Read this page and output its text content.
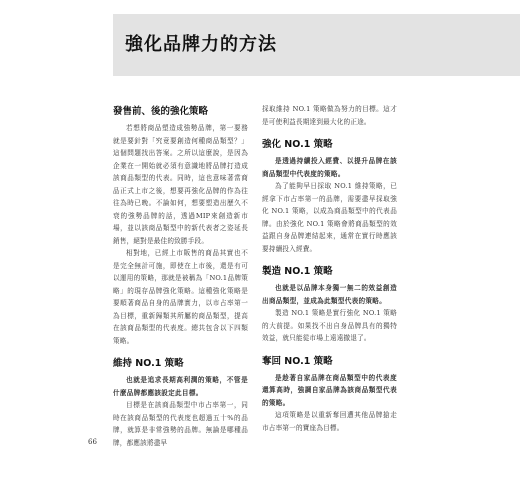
強化品牌力的方法
發售前、後的強化策略

若想將商品塑造成強勢品牌，第一要務就是要針對「究竟要創造何種商品類型？」這個問題找出答案。之所以這麼說，是因為企業在一開始就必須有意識地將品牌打造成該商品類型的代表。同時，這也意味著當商品正式上市之後，想要再強化品牌的作為往往為時已晚。不論如何，想要塑造出歷久不衰的強勢品牌的話，透過MIP來創造新市場，並以該商品類型中的新代表者之姿延長銷售，絕對是最佳的致勝手段。

相對地，已經上市販售的商品其實也不是完全無計可施，即使在上市後，還是有可以運用的策略，那就是被稱為「NO.1品牌策略」的現存品牌強化策略。這種強化策略是要順著商品自身的品牌實力，以市占率第一為目標，重新歸類其所屬的商品類型，提高在該商品類型的代表度。總共包含以下四類策略。

維持 NO.1 策略

也就是追求長期高利潤的策略，不管是什麼品牌都應該設定此目標。

目標是在該商品類型中市占率第一，同時在該商品類型的代表度也超過五十%的品牌，就算是非常強勢的品牌。無論是哪種品牌，都應該將盡早

採取維持 NO.1 策略做為努力的目標。這才是可使利益長期達到最大化的正途。

強化 NO.1 策略

是透過持續投入經費、以提升品牌在該商品類型中代表度的策略。

為了能夠早日採取 NO.1 維持策略，已經拿下市占率第一的品牌，需要盡早採取強化 NO.1 策略，以成為商品類型中的代表品牌。由於強化 NO.1 策略會將商品類型的效益跟自身品牌連結起來，通常在實行時應該要持續投入經費。

製造 NO.1 策略

也就是以品牌本身獨一無二的效益創造出商品類型，並成為此類型代表的策略。

製造 NO.1 策略是實行強化 NO.1 策略的大前提。如果找不出自身品牌具有的獨特效益，就只能從市場上遠遠撤退了。

奪回 NO.1 策略

是趁著自家品牌在商品類型中的代表度還算高時，強調自家品牌為該商品類型代表的策略。

這項策略是以重新奪回遭其他品牌搶走市占率第一的寶座為目標。

66
